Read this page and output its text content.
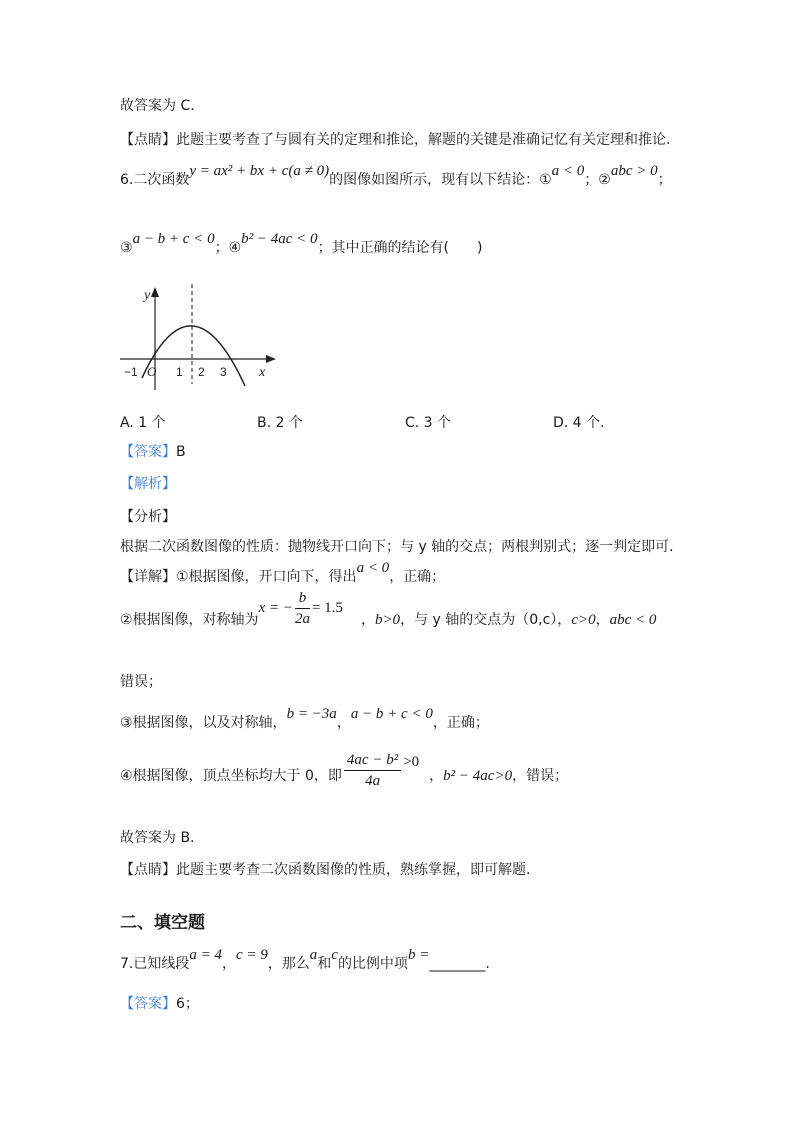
故答案为 C.
【点睛】此题主要考查了与圆有关的定理和推论，解题的关键是准确记忆有关定理和推论.
6.二次函数y = ax² + bx + c(a ≠ 0)的图像如图所示，现有以下结论：①a < 0；②abc > 0；
③a − b + c < 0；④b² − 4ac < 0；其中正确的结论有(　　)
y
x
−1 O 1 2 3
A. 1 个	B. 2 个	C. 3 个	D. 4 个.
【答案】B
【解析】
【分析】
根据二次函数图像的性质：抛物线开口向下；与 y 轴的交点；两根判别式；逐一判定即可.
【详解】①根据图像，开口向下，得出a < 0，正确；
②根据图像，对称轴为x = − $\frac{b}{2a} = 1.5$，b>0，与 y 轴的交点为（0,c），c>0，abc < 0
错误；
③根据图像，以及对称轴，b = −3a，a − b + c < 0，正确；
④根据图像，顶点坐标均大于 0，即 $\frac{\text{4ac − b²}}{4a} >0$，b² − 4ac>0，错误；
故答案为 B.
【点睛】此题主要考查二次函数图像的性质，熟练掌握，即可解题.
二、填空题
7.已知线段a = 4，c = 9，那么a和c的比例中项b =________.
【答案】6；
